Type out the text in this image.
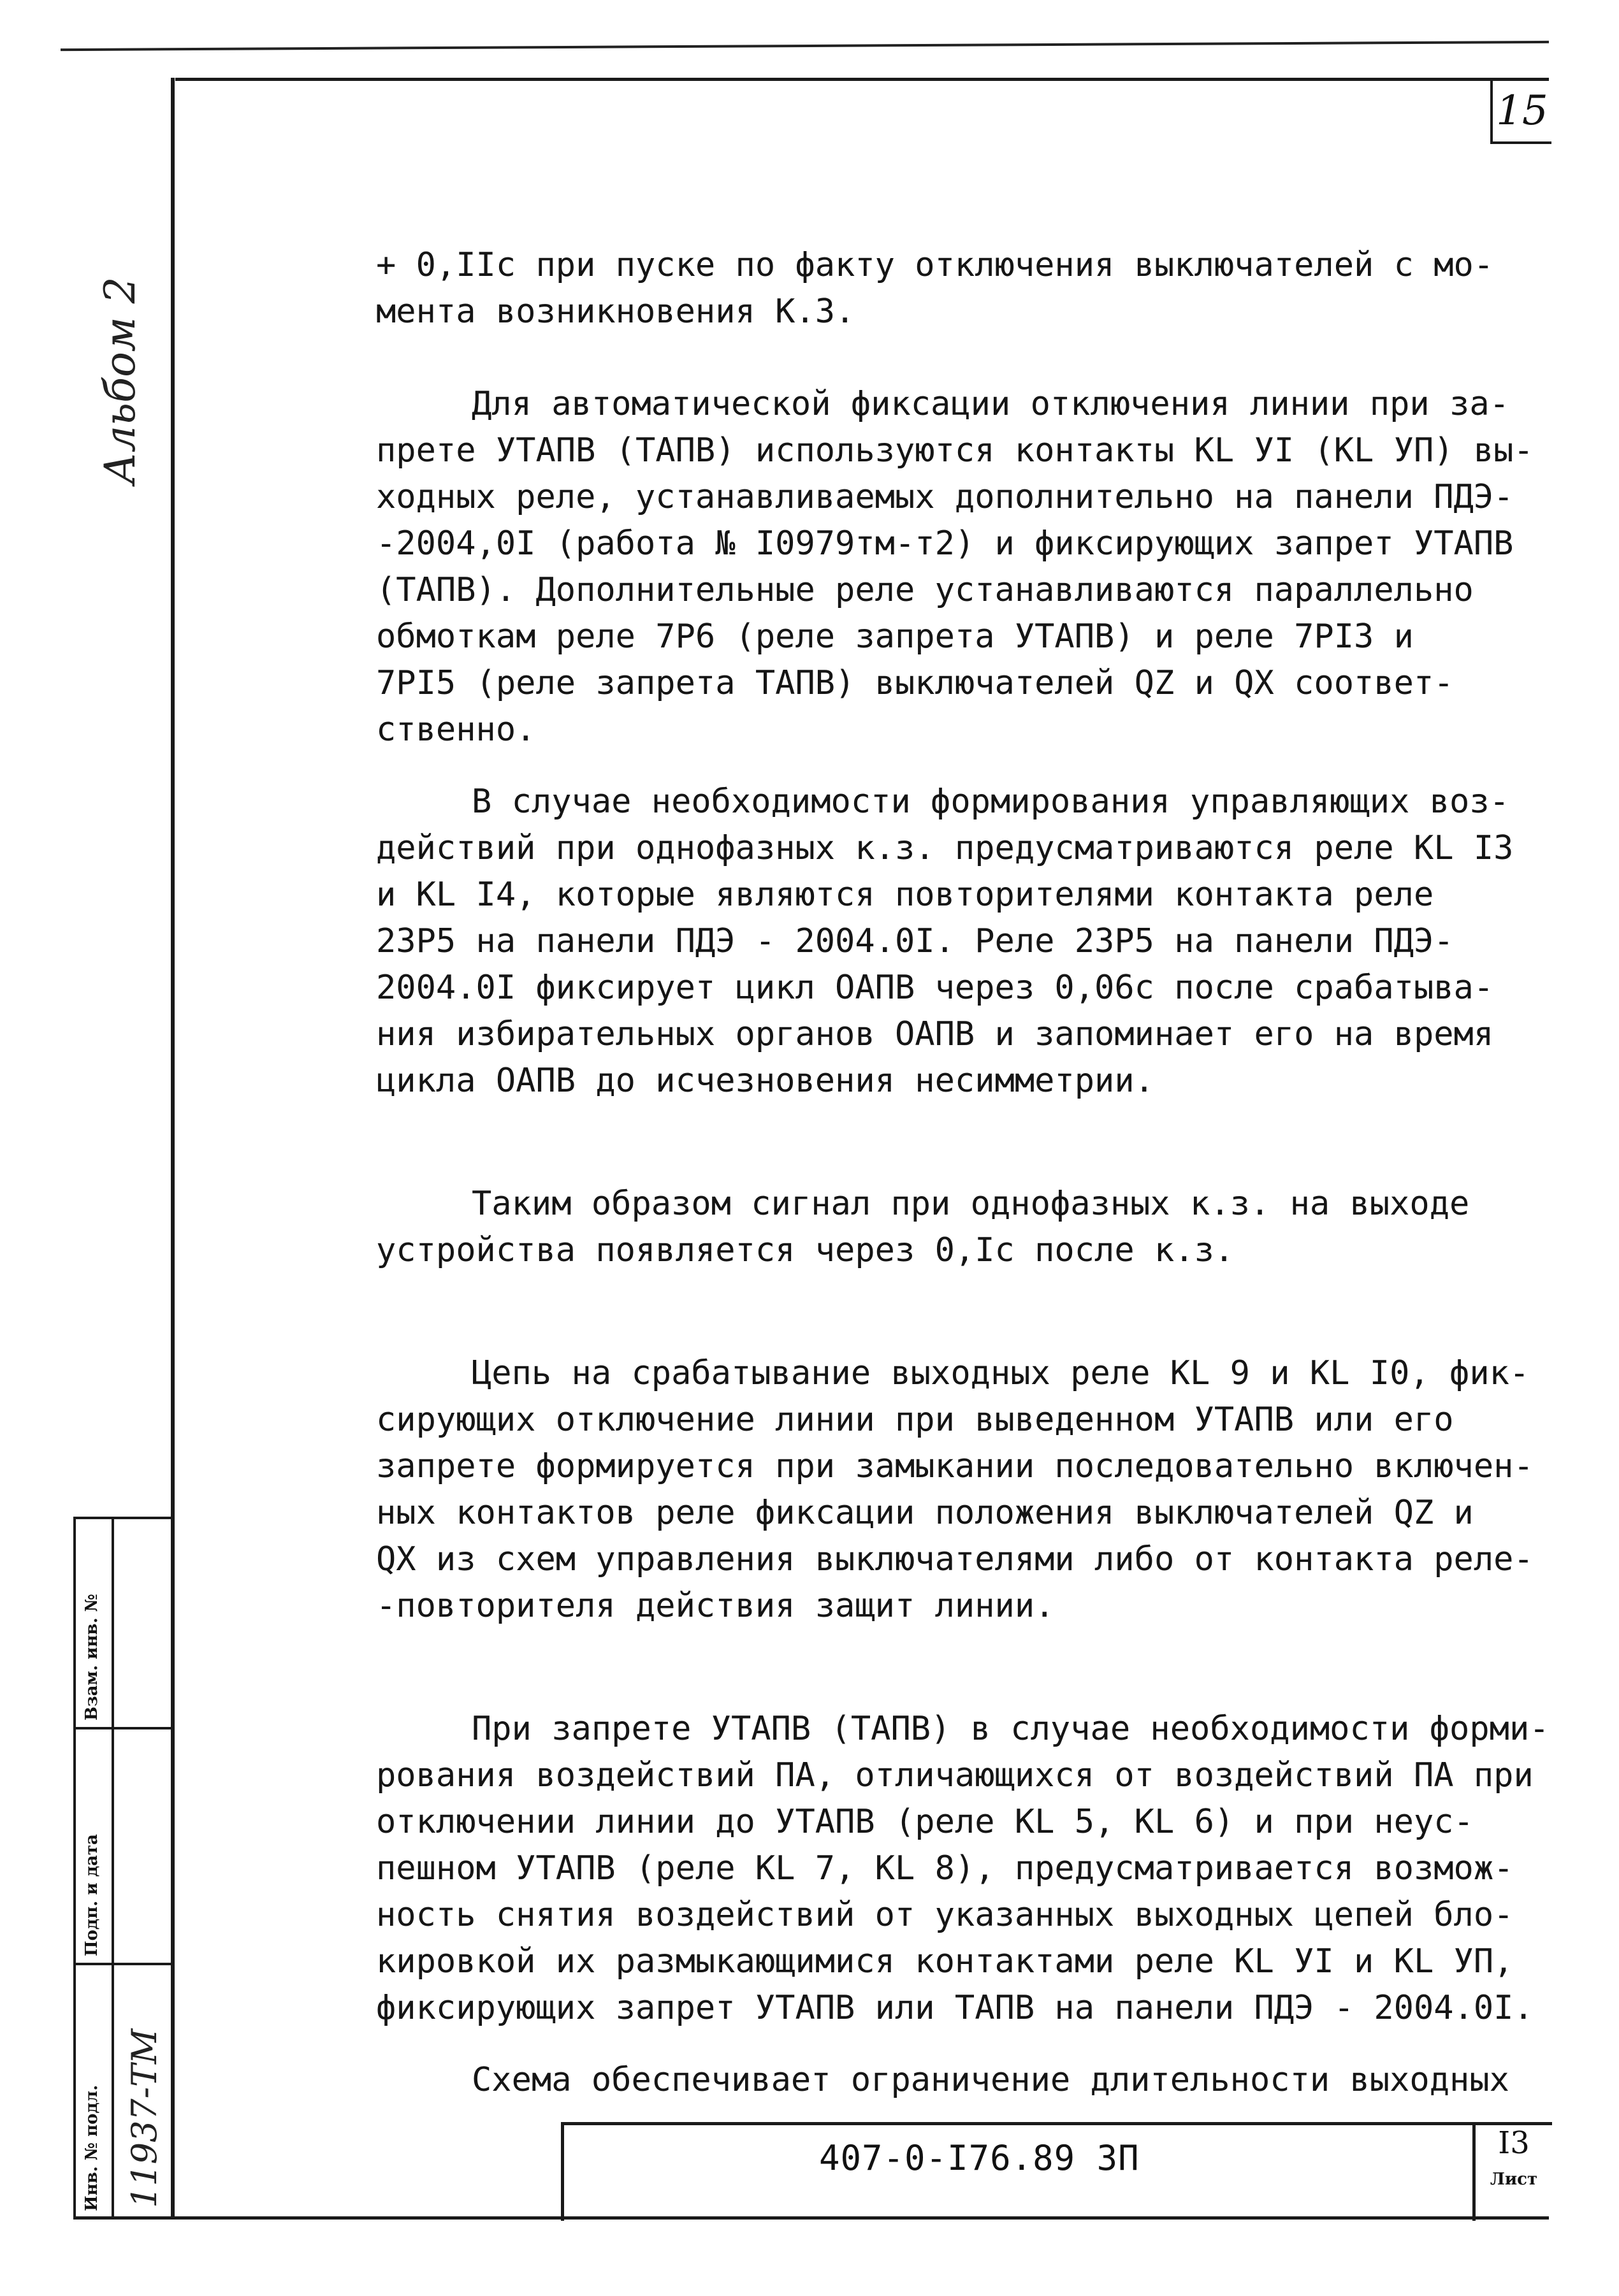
15
Альбом 2
Инв. № подл.
Подп. и дата
Взам. инв. №
11937-ТМ
+ 0,IIс при пуске по факту отключения выключателей с мо-
мента возникновения К.З.
Для автоматической фиксации отключения линии при за-
прете УТАПВ (ТАПВ) используются контакты KL УI (KL УП) вы-
ходных реле, устанавливаемых дополнительно на панели ПДЭ-
-2004,0I (работа № I0979тм-т2) и фиксирующих запрет УТАПВ
(ТАПВ). Дополнительные реле устанавливаются параллельно
обмоткам реле 7Р6 (реле запрета УТАПВ) и реле 7РI3 и
7РI5 (реле запрета ТАПВ) выключателей QZ и QX соответ-
ственно.
В случае необходимости формирования управляющих воз-
действий при однофазных к.з. предусматриваются реле KL I3
и KL I4, которые являются повторителями контакта реле
23Р5 на панели ПДЭ - 2004.0I. Реле 23Р5 на панели ПДЭ-
2004.0I фиксирует цикл ОАПВ через 0,06с после срабатыва-
ния избирательных органов ОАПВ и запоминает его на время
цикла ОАПВ до исчезновения несимметрии.
Таким образом сигнал при однофазных к.з. на выходе
устройства появляется через 0,Iс после к.з.
Цепь на срабатывание выходных реле KL 9 и KL I0, фик-
сирующих отключение линии при выведенном УТАПВ или его
запрете формируется при замыкании последовательно включен-
ных контактов реле фиксации положения выключателей QZ и
QX из схем управления выключателями либо от контакта реле-
-повторителя действия защит линии.
При запрете УТАПВ (ТАПВ) в случае необходимости форми-
рования воздействий ПА, отличающихся от воздействий ПА при
отключении линии до УТАПВ (реле KL 5, KL 6) и при неус-
пешном УТАПВ (реле KL 7, KL 8), предусматривается возмож-
ность снятия воздействий от указанных выходных цепей бло-
кировкой их размыкающимися контактами реле KL УI и KL УП,
фиксирующих запрет УТАПВ или ТАПВ на панели ПДЭ - 2004.0I.
Схема обеспечивает ограничение длительности выходных
407-0-I76.89 ЗП	I3
Лист
